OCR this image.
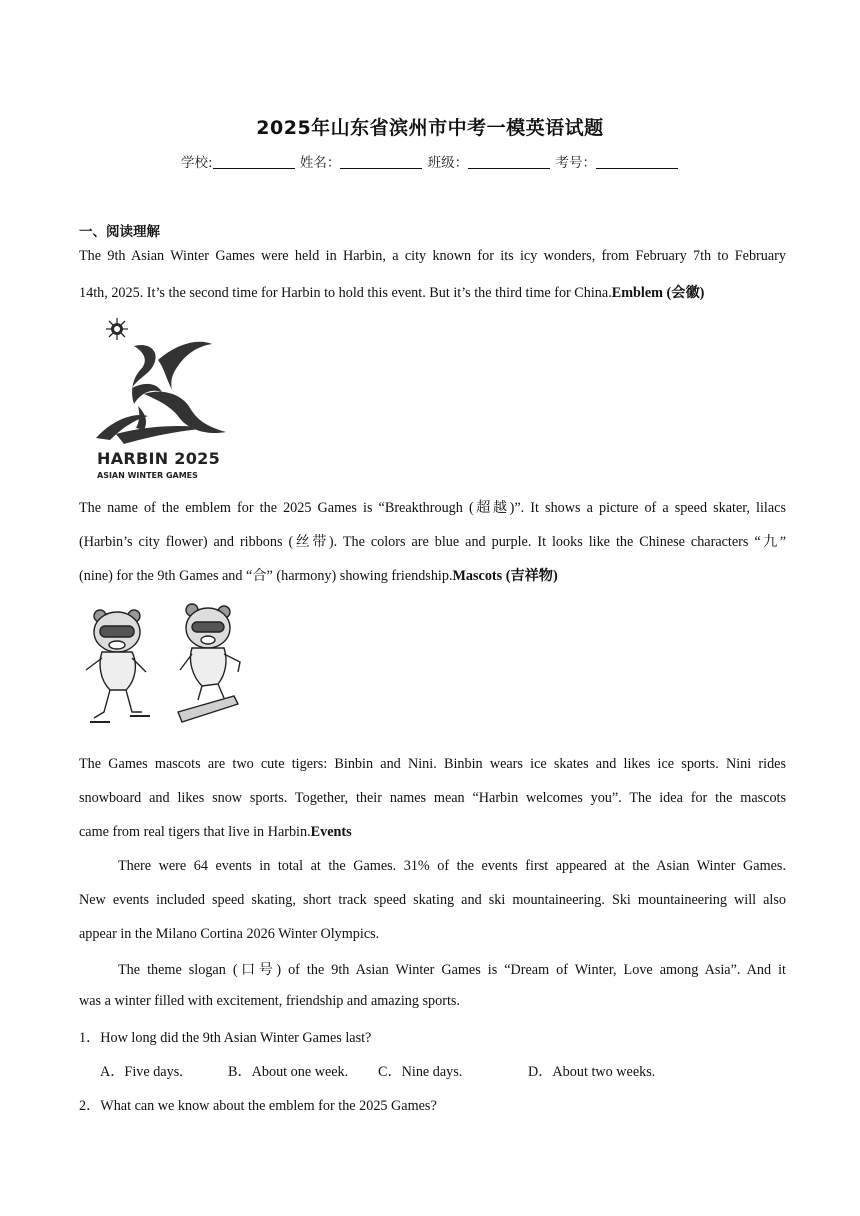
2025年山东省滨州市中考一模英语试题
学校:	姓名：	班级：	考号：
一、阅读理解
The 9th Asian Winter Games were held in Harbin, a city known for its icy wonders, from February 7th to February
14th, 2025. It’s the second time for Harbin to hold this event. But it’s the third time for China.Emblem (会徽)
HARBIN 2025
ASIAN WINTER GAMES
The name of the emblem for the 2025 Games is “Breakthrough (超越)”. It shows a picture of a speed skater, lilacs
(Harbin’s city flower) and ribbons (丝带). The colors are blue and purple. It looks like the Chinese characters “九”
(nine) for the 9th Games and “合” (harmony) showing friendship.Mascots (吉祥物)
The Games mascots are two cute tigers: Binbin and Nini. Binbin wears ice skates and likes ice sports. Nini rides
snowboard and likes snow sports. Together, their names mean “Harbin welcomes you”. The idea for the mascots
came from real tigers that live in Harbin.Events
There were 64 events in total at the Games. 31% of the events first appeared at the Asian Winter Games.
New events included speed skating, short track speed skating and ski mountaineering. Ski mountaineering will also
appear in the Milano Cortina 2026 Winter Olympics.
The theme slogan (口号) of the 9th Asian Winter Games is “Dream of Winter, Love among Asia”. And it
was a winter filled with excitement, friendship and amazing sports.
1．How long did the 9th Asian Winter Games last?
A．Five days.	B．About one week. C．Nine days.	D．About two weeks.
2．What can we know about the emblem for the 2025 Games?
